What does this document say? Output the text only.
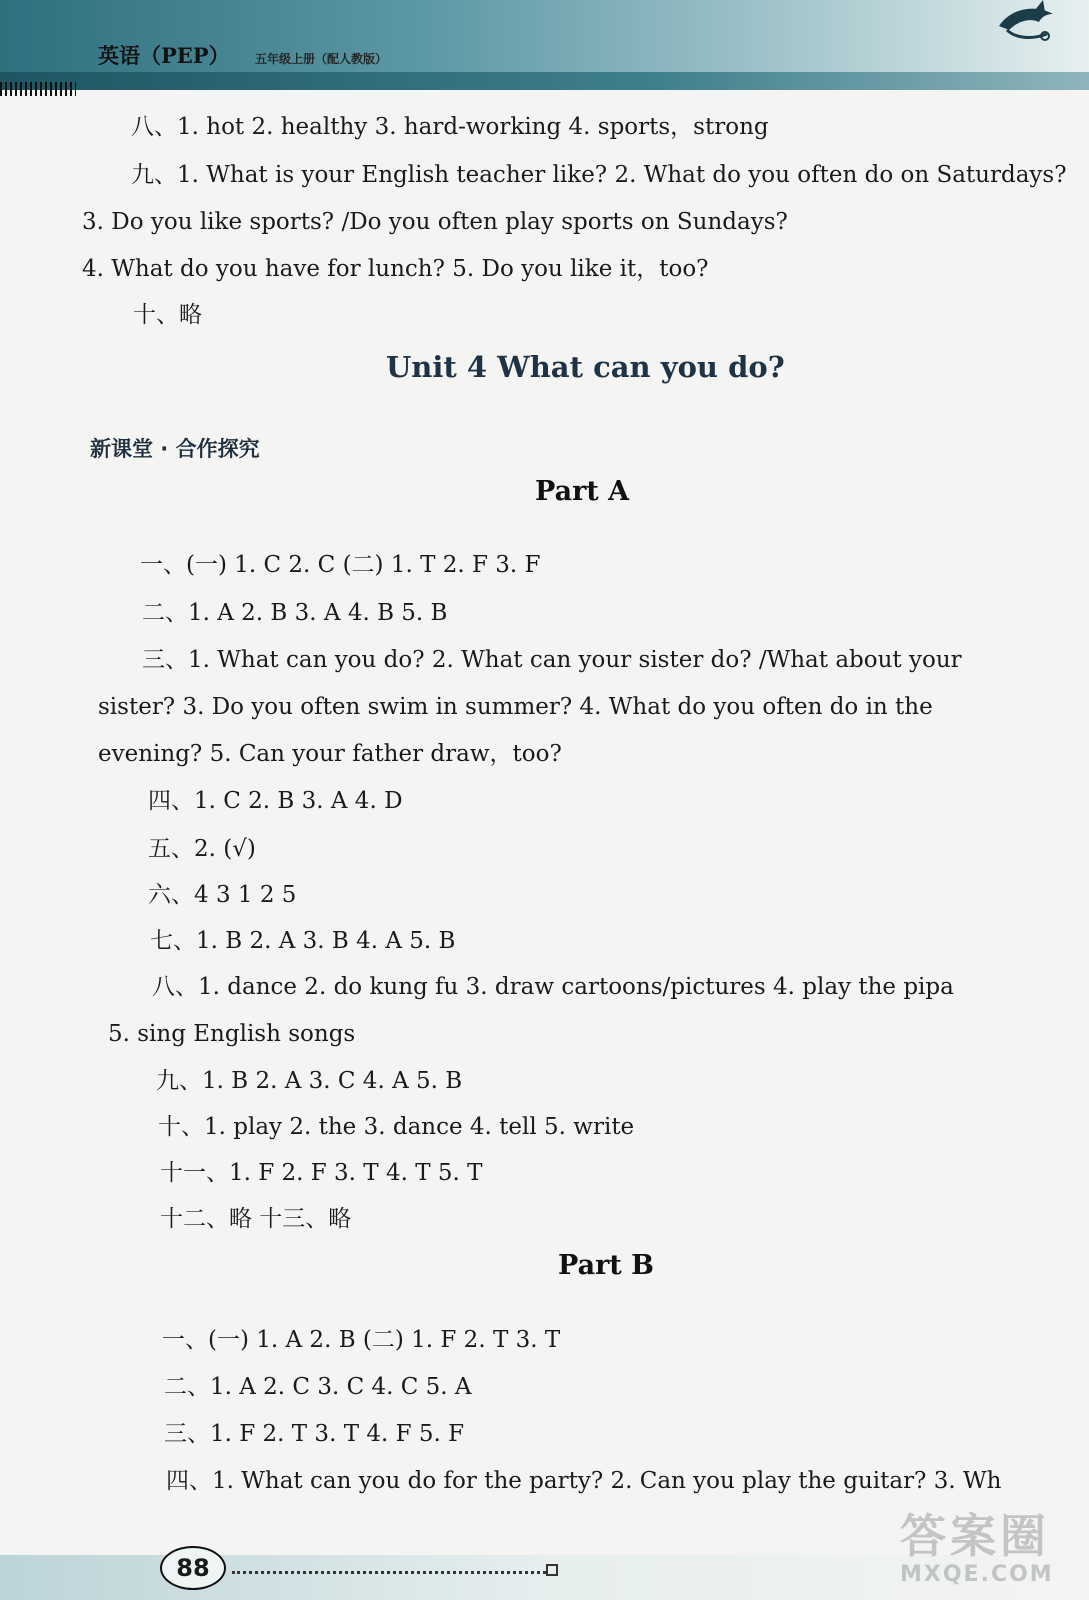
英语（PEP） 五年级上册（配人教版）
八、1. hot 2. healthy 3. hard-working 4. sports，strong
九、1. What is your English teacher like? 2. What do you often do on Saturdays?
3. Do you like sports? /Do you often play sports on Sundays?
4. What do you have for lunch? 5. Do you like it，too?
十、略
Unit 4 What can you do?
新课堂 · 合作探究
Part A
一、(一) 1. C 2. C (二) 1. T 2. F 3. F
二、1. A 2. B 3. A 4. B 5. B
三、1. What can you do? 2. What can your sister do? /What about your
sister? 3. Do you often swim in summer? 4. What do you often do in the
evening? 5. Can your father draw，too?
四、1. C 2. B 3. A 4. D
五、2. (√)
六、4 3 1 2 5
七、1. B 2. A 3. B 4. A 5. B
八、1. dance 2. do kung fu 3. draw cartoons/pictures 4. play the pipa
5. sing English songs
九、1. B 2. A 3. C 4. A 5. B
十、1. play 2. the 3. dance 4. tell 5. write
十一、1. F 2. F 3. T 4. T 5. T
十二、略 十三、略
Part B
一、(一) 1. A 2. B (二) 1. F 2. T 3. T
二、1. A 2. C 3. C 4. C 5. A
三、1. F 2. T 3. T 4. F 5. F
四、1. What can you do for the party? 2. Can you play the guitar? 3. Wh
88
答案圈
MXQE.COM
